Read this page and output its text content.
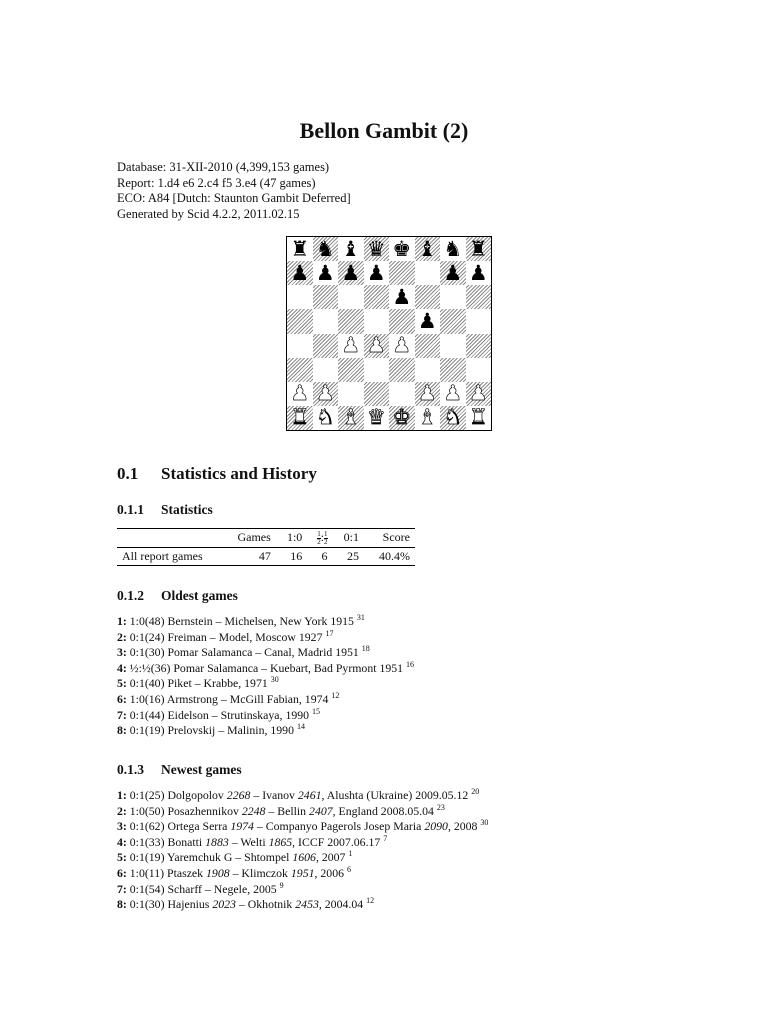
Bellon Gambit (2)
Database: 31-XII-2010 (4,399,153 games)
Report: 1.d4 e6 2.c4 f5 3.e4 (47 games)
ECO: A84 [Dutch: Staunton Gambit Deferred]
Generated by Scid 4.2.2, 2011.02.15
♜ ♞ ♝ ♛ ♚ ♝ ♞ ♜
♟ ♟ ♟ ♟	♟ ♟
♟
♟
♟ ♟ ♟
♟ ♟	♟ ♟ ♟
♜ ♞ ♝ ♛ ♚ ♝ ♞ ♜
0.1 Statistics and History
0.1.1 Statistics
	Games	1:0	$\frac{1}{2}$ : $\frac{1}{2}$	0:1	Score
All report games	47	16	6	25	40.4%
0.1.2 Oldest games
1: 1:0(48) Bernstein – Michelsen, New York 1915 $^{31}$
2: 0:1(24) Freiman – Model, Moscow 1927 $^{17}$
3: 0:1(30) Pomar Salamanca – Canal, Madrid 1951 $^{18}$
4: ½:½(36) Pomar Salamanca – Kuebart, Bad Pyrmont 1951 $^{16}$
5: 0:1(40) Piket – Krabbe, 1971 $^{30}$
6: 1:0(16) Armstrong – McGill Fabian, 1974 $^{12}$
7: 0:1(44) Eidelson – Strutinskaya, 1990 $^{15}$
8: 0:1(19) Prelovskij – Malinin, 1990 $^{14}$
0.1.3 Newest games
1: 0:1(25) Dolgopolov 2268 – Ivanov 2461, Alushta (Ukraine) 2009.05.12 $^{20}$
2: 1:0(50) Posazhennikov 2248 – Bellin 2407, England 2008.05.04 $^{23}$
3: 0:1(62) Ortega Serra 1974 – Companyo Pagerols Josep Maria 2090, 2008 $^{30}$
4: 0:1(33) Bonatti 1883 – Welti 1865, ICCF 2007.06.17 $^7$
5: 0:1(19) Yaremchuk G – Shtompel 1606, 2007 $^1$
6: 1:0(11) Ptaszek 1908 – Klimczok 1951, 2006 $^6$
7: 0:1(54) Scharff – Negele, 2005 $^9$
8: 0:1(30) Hajenius 2023 – Okhotnik 2453, 2004.04 $^{12}$
